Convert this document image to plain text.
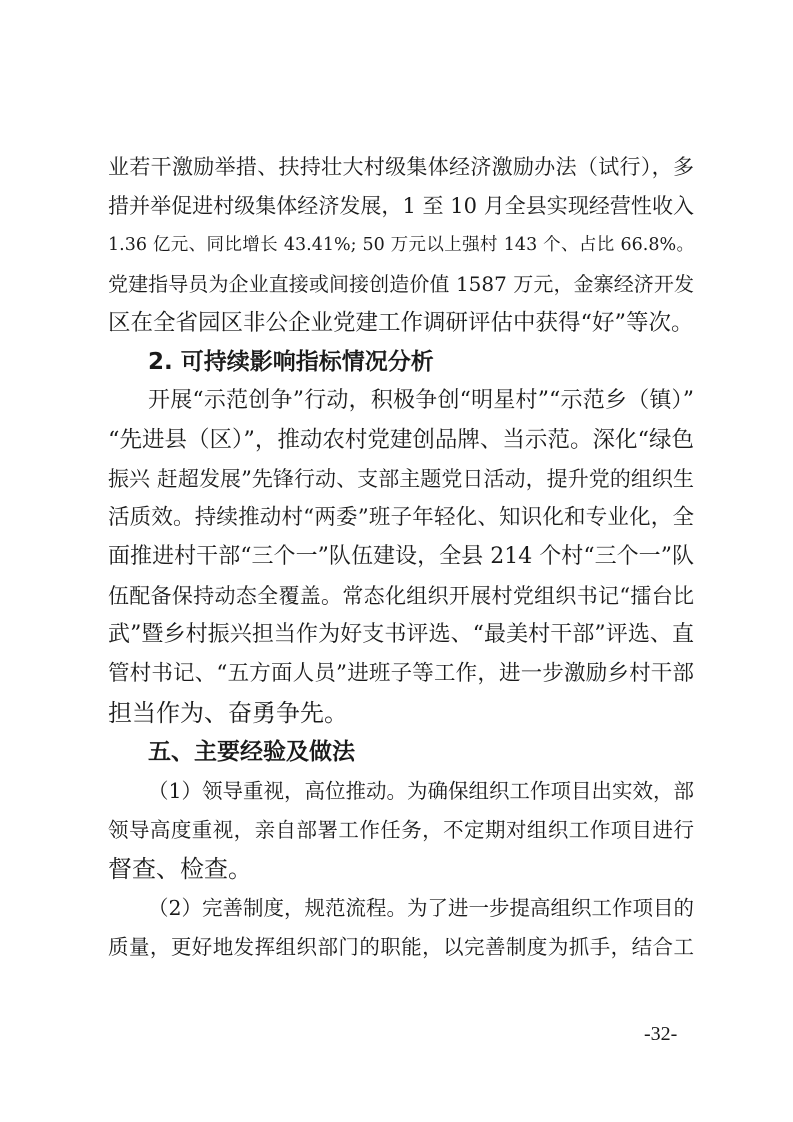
业若干激励举措、扶持壮大村级集体经济激励办法（试行），多
措并举促进村级集体经济发展，1 至 10 月全县实现经营性收入
1.36 亿元、同比增长 43.41%; 50 万元以上强村 143 个、占比 66.8%。
党建指导员为企业直接或间接创造价值 1587 万元，金寨经济开发
区在全省园区非公企业党建工作调研评估中获得“好”等次。
2. 可持续影响指标情况分析
开展“示范创争”行动，积极争创“明星村”“示范乡（镇）”
“先进县（区）”，推动农村党建创品牌、当示范。深化“绿色
振兴 赶超发展”先锋行动、支部主题党日活动，提升党的组织生
活质效。持续推动村“两委”班子年轻化、知识化和专业化，全
面推进村干部“三个一”队伍建设，全县 214 个村“三个一”队
伍配备保持动态全覆盖。常态化组织开展村党组织书记“擂台比
武”暨乡村振兴担当作为好支书评选、“最美村干部”评选、直
管村书记、“五方面人员”进班子等工作，进一步激励乡村干部
担当作为、奋勇争先。
五、主要经验及做法
（1）领导重视，高位推动。为确保组织工作项目出实效，部
领导高度重视，亲自部署工作任务，不定期对组织工作项目进行
督查、检查。
（2）完善制度，规范流程。为了进一步提高组织工作项目的
质量，更好地发挥组织部门的职能，以完善制度为抓手，结合工
-32-
